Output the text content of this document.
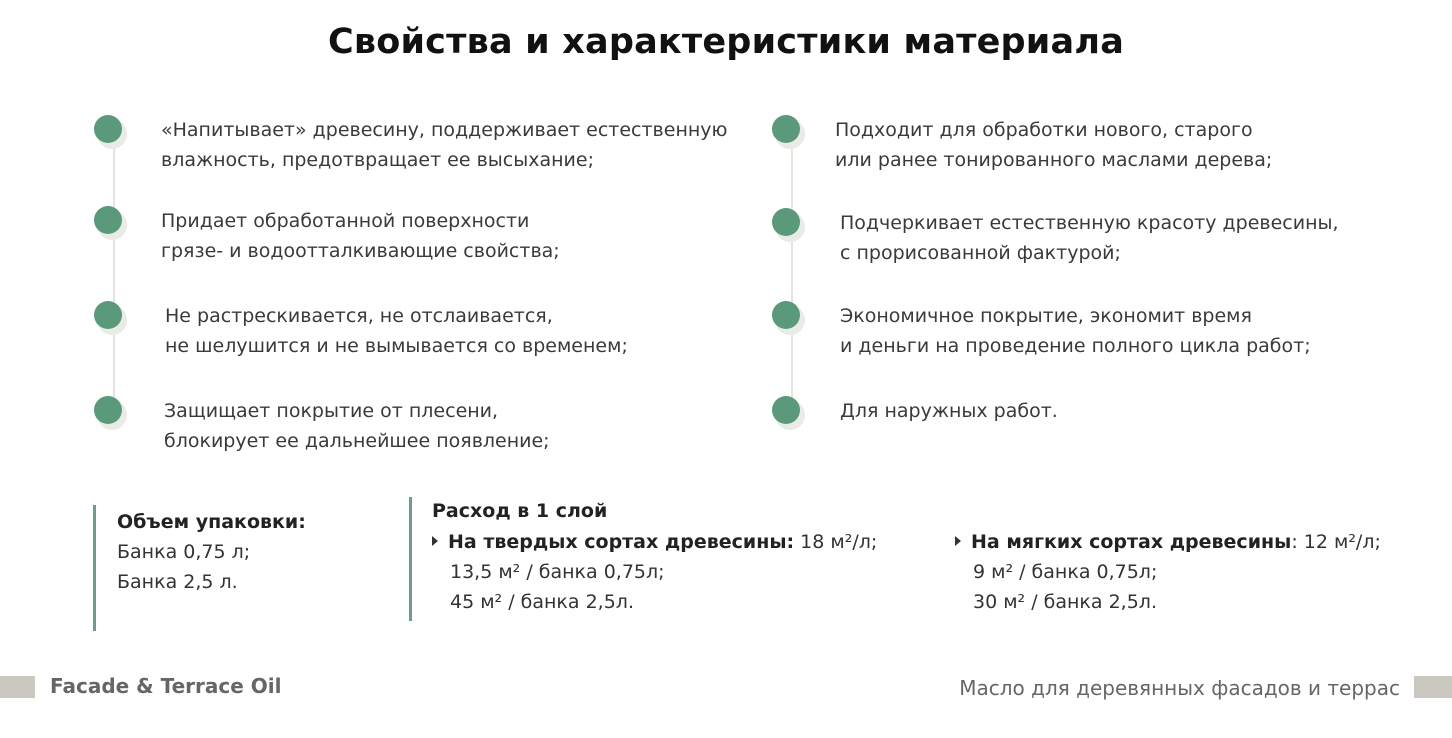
Свойства и характеристики материала
«Напитывает» древесину, поддерживает естественную
влажность, предотвращает ее высыхание;
Придает обработанной поверхности
грязе- и водоотталкивающие свойства;
Не растрескивается, не отслаивается,
не шелушится и не вымывается со временем;
Защищает покрытие от плесени,
блокирует ее дальнейшее появление;
Подходит для обработки нового, старого
или ранее тонированного маслами дерева;
Подчеркивает естественную красоту древесины,
с прорисованной фактурой;
Экономичное покрытие, экономит время
и деньги на проведение полного цикла работ;
Для наружных работ.
Объем упаковки:
Банка 0,75 л;
Банка 2,5 л.
Расход в 1 слой
На твердых сортах древесины: 18 м²/л;
13,5 м² / банка 0,75л;
45 м² / банка 2,5л.
На мягких сортах древесины: 12 м²/л;
9 м² / банка 0,75л;
30 м² / банка 2,5л.
Facade & Terrace Oil	Масло для деревянных фасадов и террас
